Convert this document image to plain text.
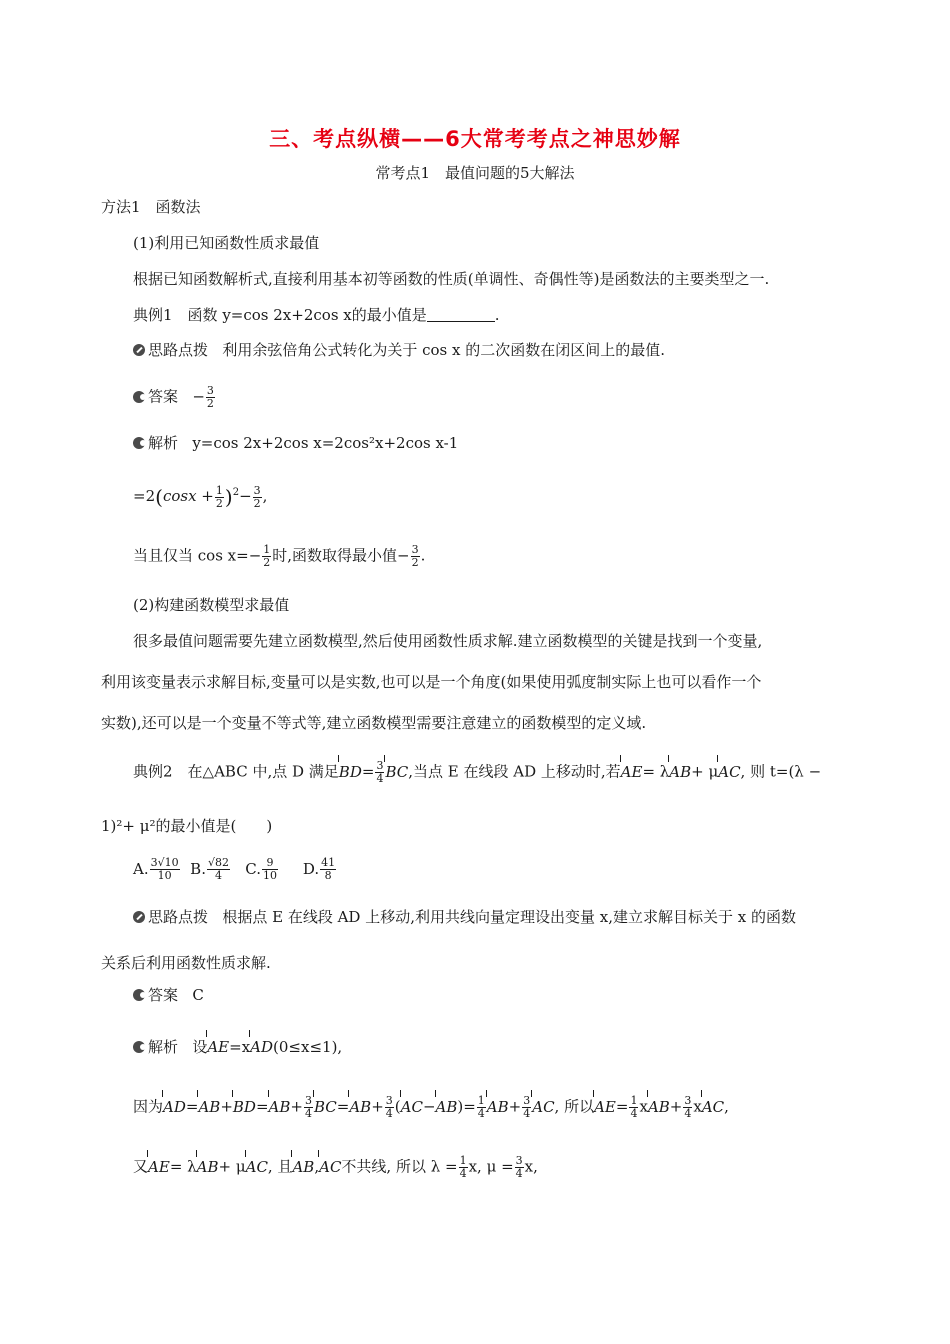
三、考点纵横——6大常考考点之神思妙解
常考点1　最值问题的5大解法
方法1　函数法
(1)利用已知函数性质求最值
根据已知函数解析式,直接利用基本初等函数的性质(单调性、奇偶性等)是函数法的主要类型之一.
典例1　函数 y=cos 2x+2cos x的最小值是	.
思路点拨 利用余弦倍角公式转化为关于 cos x 的二次函数在闭区间上的最值.
答案 − $\frac{3}{2}$
解析 y=cos 2x+2cos x=2cos²x+2cos x-1
$=2(\cos x + \frac{1}{2} )^2- \frac{3}{2}$ ,
当且仅当 $\cos x=- \frac{1}{2}$ 时,函数取得最小值− $\frac{3}{2}$ .
(2)构建函数模型求最值
很多最值问题需要先建立函数模型,然后使用函数性质求解.建立函数模型的关键是找到一个变量,
利用该变量表示求解目标,变量可以是实数,也可以是一个角度(如果使用弧度制实际上也可以看作一个
实数),还可以是一个变量不等式等,建立函数模型需要注意建立的函数模型的定义域.
典例2　在△ABC 中,点 D 满足$BD= \frac{3}{4}$ BC,当点 E 在线段 AD 上移动时,若AE= λAB+ μAC, 则 t=(λ −
1)²+ μ²的最小值是(　　)
A. $\frac{3√10}{10} B$. $\frac{√82}{4} C$. $\frac{9}{10} D$. $\frac{41}{8}$
思路点拨 根据点 E 在线段 AD 上移动,利用共线向量定理设出变量 x,建立求解目标关于 x 的函数
关系后利用函数性质求解.
答案 C
解析 设AE=xAD(0≤x≤1),
因为$AD=AB+BD=AB+ \frac{3}{4} BC=AB+ \frac{3}{4} (AC-AB)= \frac{1}{4} AB+ \frac{3}{4}$ AC, 所以$AE= \frac{1}{4} xAB+ \frac{3}{4}$ xAC,
又AE= λAB+ μAC, 且AB,AC不共线, 所以 $\lambda = \frac{1}{4} x$, $\mu = \frac{3}{4} x$,
